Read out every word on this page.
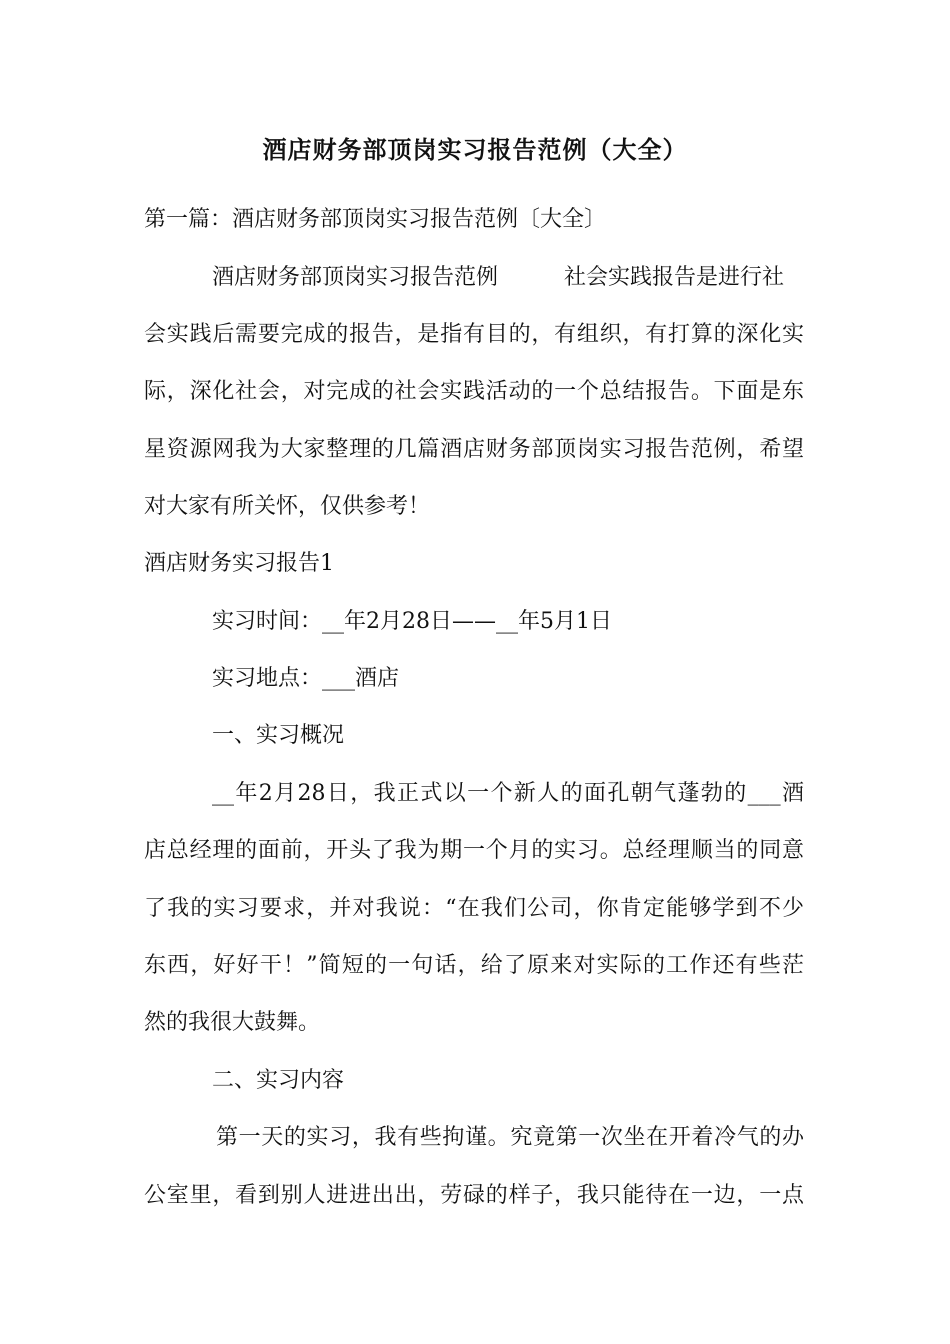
酒店财务部顶岗实习报告范例（大全）
第一篇：酒店财务部顶岗实习报告范例〔大全〕
酒店财务部顶岗实习报告范例	社会实践报告是进行社
会实践后需要完成的报告，是指有目的，有组织，有打算的深化实
际，深化社会，对完成的社会实践活动的一个总结报告。下面是东
星资源网我为大家整理的几篇酒店财务部顶岗实习报告范例，希望
对大家有所关怀，仅供参考！
酒店财务实习报告1
实习时间：__年2月28日——__年5月1日
实习地点：___酒店
一、实习概况
__年2月28日，我正式以一个新人的面孔朝气蓬勃的___酒
店总经理的面前，开头了我为期一个月的实习。总经理顺当的同意
了我的实习要求，并对我说：“在我们公司，你肯定能够学到不少
东西，好好干！”简短的一句话，给了原来对实际的工作还有些茫
然的我很大鼓舞。
二、实习内容
第一天的实习，我有些拘谨。究竟第一次坐在开着冷气的办
公室里，看到别人进进出出，劳碌的样子，我只能待在一边，一点
